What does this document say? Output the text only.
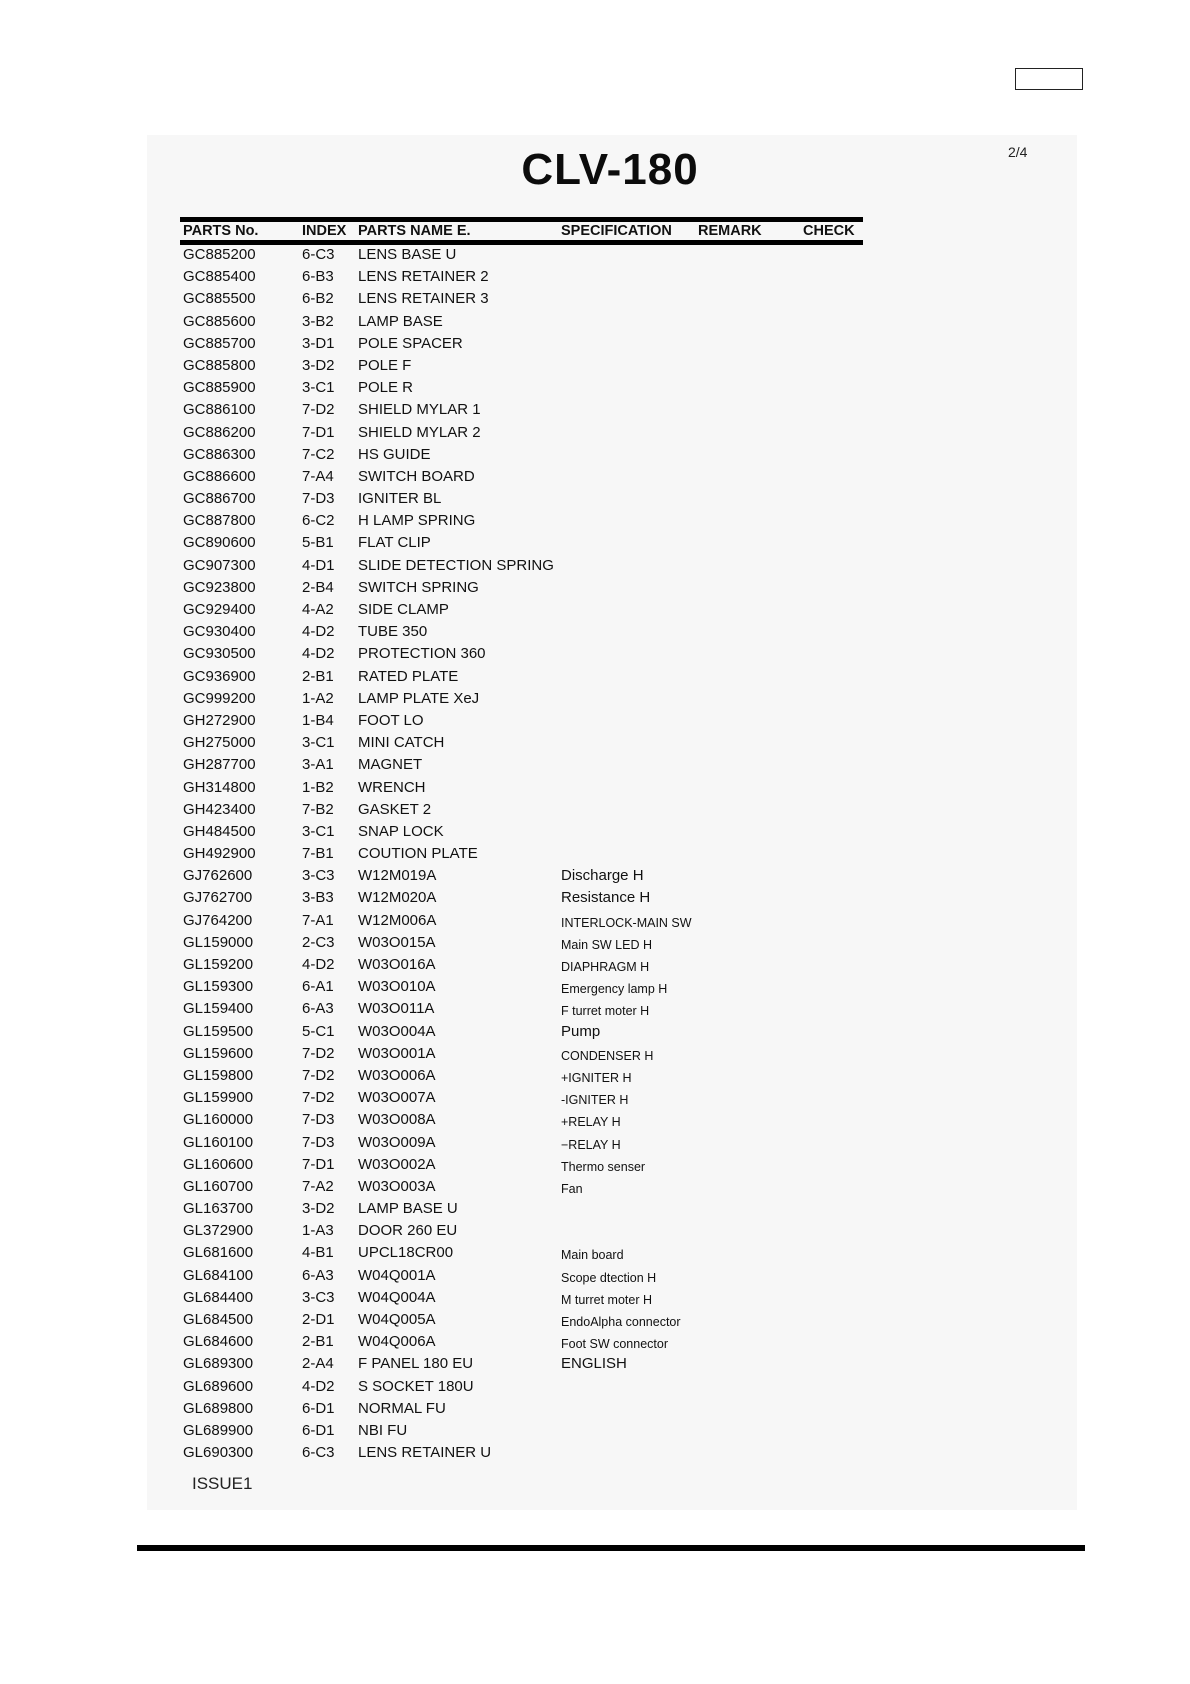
2/4
CLV-180
PARTS No.	INDEX PARTS NAME E.	SPECIFICATION REMARK	CHECK
GC885200	6-C3 LENS BASE U
GC885400	6-B3 LENS RETAINER 2
GC885500	6-B2 LENS RETAINER 3
GC885600	3-B2 LAMP BASE
GC885700	3-D1 POLE SPACER
GC885800	3-D2 POLE F
GC885900	3-C1 POLE R
GC886100	7-D2 SHIELD MYLAR 1
GC886200	7-D1 SHIELD MYLAR 2
GC886300	7-C2 HS GUIDE
GC886600	7-A4 SWITCH BOARD
GC886700	7-D3 IGNITER BL
GC887800	6-C2 H LAMP SPRING
GC890600	5-B1 FLAT CLIP
GC907300	4-D1 SLIDE DETECTION SPRING
GC923800	2-B4 SWITCH SPRING
GC929400	4-A2 SIDE CLAMP
GC930400	4-D2 TUBE 350
GC930500	4-D2 PROTECTION 360
GC936900	2-B1 RATED PLATE
GC999200	1-A2 LAMP PLATE XeJ
GH272900	1-B4 FOOT LO
GH275000	3-C1 MINI CATCH
GH287700	3-A1 MAGNET
GH314800	1-B2 WRENCH
GH423400	7-B2 GASKET 2
GH484500	3-C1 SNAP LOCK
GH492900	7-B1 COUTION PLATE
GJ762600	3-C3 W12M019A	Discharge H
GJ762700	3-B3 W12M020A	Resistance H
GJ764200	7-A1 W12M006A	INTERLOCK-MAIN SW
GL159000	2-C3 W03O015A	Main SW LED H
GL159200	4-D2 W03O016A	DIAPHRAGM H
GL159300	6-A1 W03O010A	Emergency lamp H
GL159400	6-A3 W03O011A	F turret moter H
GL159500	5-C1 W03O004A	Pump
GL159600	7-D2 W03O001A	CONDENSER H
GL159800	7-D2 W03O006A	+IGNITER H
GL159900	7-D2 W03O007A	-IGNITER H
GL160000	7-D3 W03O008A	+RELAY H
GL160100	7-D3 W03O009A	−RELAY H
GL160600	7-D1 W03O002A	Thermo senser
GL160700	7-A2 W03O003A	Fan
GL163700	3-D2 LAMP BASE U
GL372900	1-A3 DOOR 260 EU
GL681600	4-B1 UPCL18CR00	Main board
GL684100	6-A3 W04Q001A	Scope dtection H
GL684400	3-C3 W04Q004A	M turret moter H
GL684500	2-D1 W04Q005A	EndoAlpha connector
GL684600	2-B1 W04Q006A	Foot SW connector
GL689300	2-A4 F PANEL 180 EU	ENGLISH
GL689600	4-D2 S SOCKET 180U
GL689800	6-D1 NORMAL FU
GL689900	6-D1 NBI FU
GL690300	6-C3 LENS RETAINER U
ISSUE1
